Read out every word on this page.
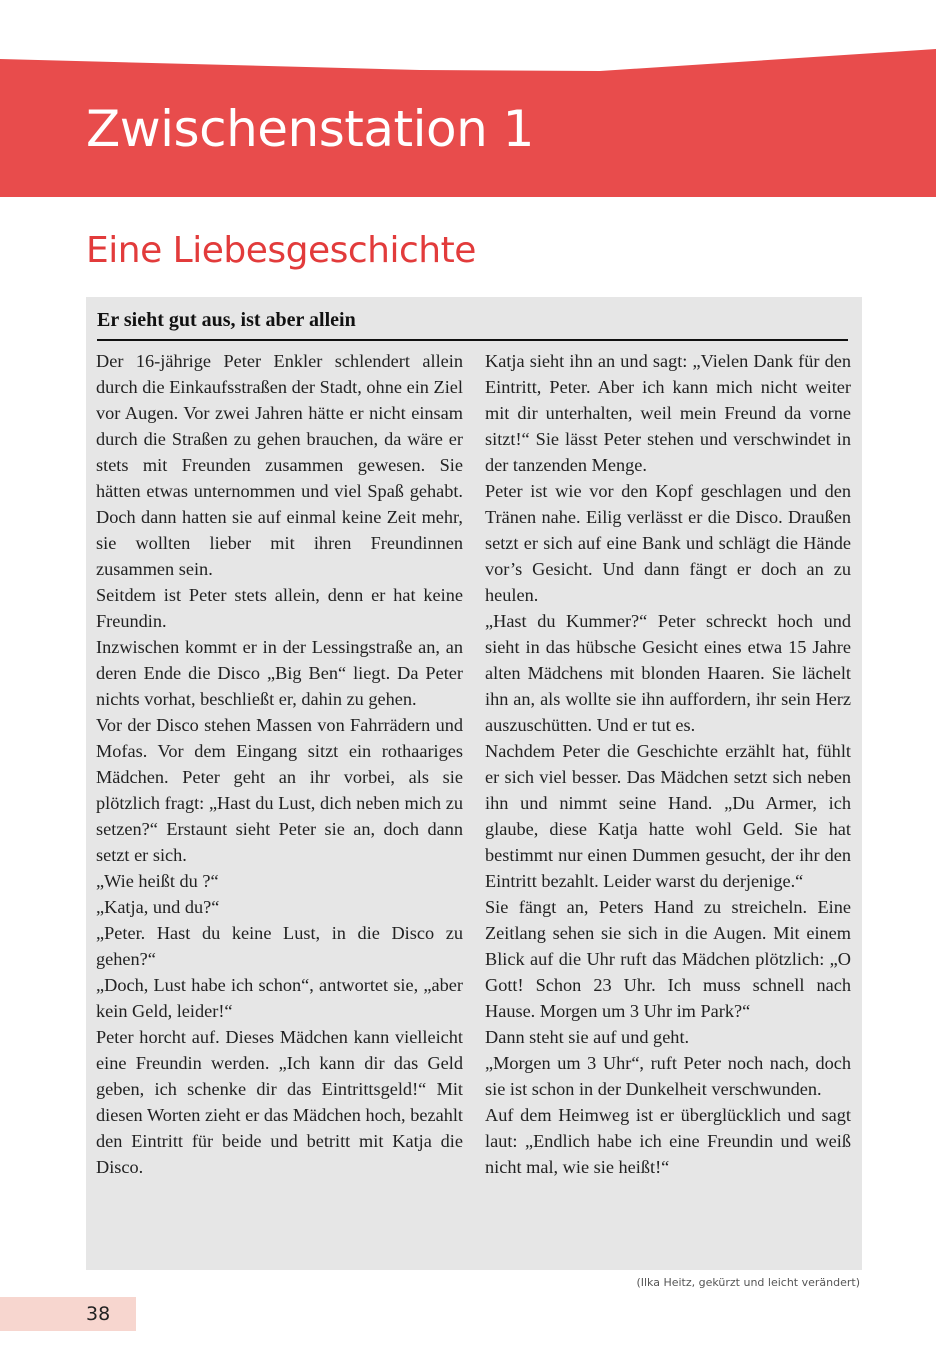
Zwischenstation 1
Eine Liebesgeschichte
Er sieht gut aus, ist aber allein

Der 16-jährige Peter Enkler schlendert allein durch die Einkaufsstraßen der Stadt, ohne ein Ziel vor Augen. Vor zwei Jahren hätte er nicht einsam durch die Straßen zu gehen brauchen, da wäre er stets mit Freunden zusammen gewesen. Sie hätten etwas unternommen und viel Spaß gehabt. Doch dann hatten sie auf einmal keine Zeit mehr, sie wollten lieber mit ihren Freundinnen zusammen sein.

Seitdem ist Peter stets allein, denn er hat keine Freundin.

Inzwischen kommt er in der Lessingstraße an, an deren Ende die Disco „Big Ben“ liegt. Da Peter nichts vorhat, beschließt er, dahin zu gehen.

Vor der Disco stehen Massen von Fahrrädern und Mofas. Vor dem Eingang sitzt ein rothaariges Mädchen. Peter geht an ihr vorbei, als sie plötzlich fragt: „Hast du Lust, dich neben mich zu setzen?“ Erstaunt sieht Peter sie an, doch dann setzt er sich.

„Wie heißt du ?“

„Katja, und du?“

„Peter. Hast du keine Lust, in die Disco zu gehen?“

„Doch, Lust habe ich schon“, antwortet sie, „aber kein Geld, leider!“

Peter horcht auf. Dieses Mädchen kann vielleicht eine Freundin werden. „Ich kann dir das Geld geben, ich schenke dir das Eintrittsgeld!“ Mit diesen Worten zieht er das Mädchen hoch, bezahlt den Eintritt für beide und betritt mit Katja die Disco.

Katja sieht ihn an und sagt: „Vielen Dank für den Eintritt, Peter. Aber ich kann mich nicht weiter mit dir unterhalten, weil mein Freund da vorne sitzt!“ Sie lässt Peter stehen und verschwindet in der tanzenden Menge.

Peter ist wie vor den Kopf geschlagen und den Tränen nahe. Eilig verlässt er die Disco. Draußen setzt er sich auf eine Bank und schlägt die Hände vor’s Gesicht. Und dann fängt er doch an zu heulen.

„Hast du Kummer?“ Peter schreckt hoch und sieht in das hübsche Gesicht eines etwa 15 Jahre alten Mädchens mit blonden Haaren. Sie lächelt ihn an, als wollte sie ihn auffordern, ihr sein Herz auszuschütten. Und er tut es.

Nachdem Peter die Geschichte erzählt hat, fühlt er sich viel besser. Das Mädchen setzt sich neben ihn und nimmt seine Hand. „Du Armer, ich glaube, diese Katja hatte wohl Geld. Sie hat bestimmt nur einen Dummen gesucht, der ihr den Eintritt bezahlt. Leider warst du derjenige.“

Sie fängt an, Peters Hand zu streicheln. Eine Zeitlang sehen sie sich in die Augen. Mit einem Blick auf die Uhr ruft das Mädchen plötzlich: „O Gott! Schon 23 Uhr. Ich muss schnell nach Hause. Morgen um 3 Uhr im Park?“

Dann steht sie auf und geht.

„Morgen um 3 Uhr“, ruft Peter noch nach, doch sie ist schon in der Dunkelheit verschwunden.

Auf dem Heimweg ist er überglücklich und sagt laut: „Endlich habe ich eine Freundin und weiß nicht mal, wie sie heißt!“

(Ilka Heitz, gekürzt und leicht verändert)

38
